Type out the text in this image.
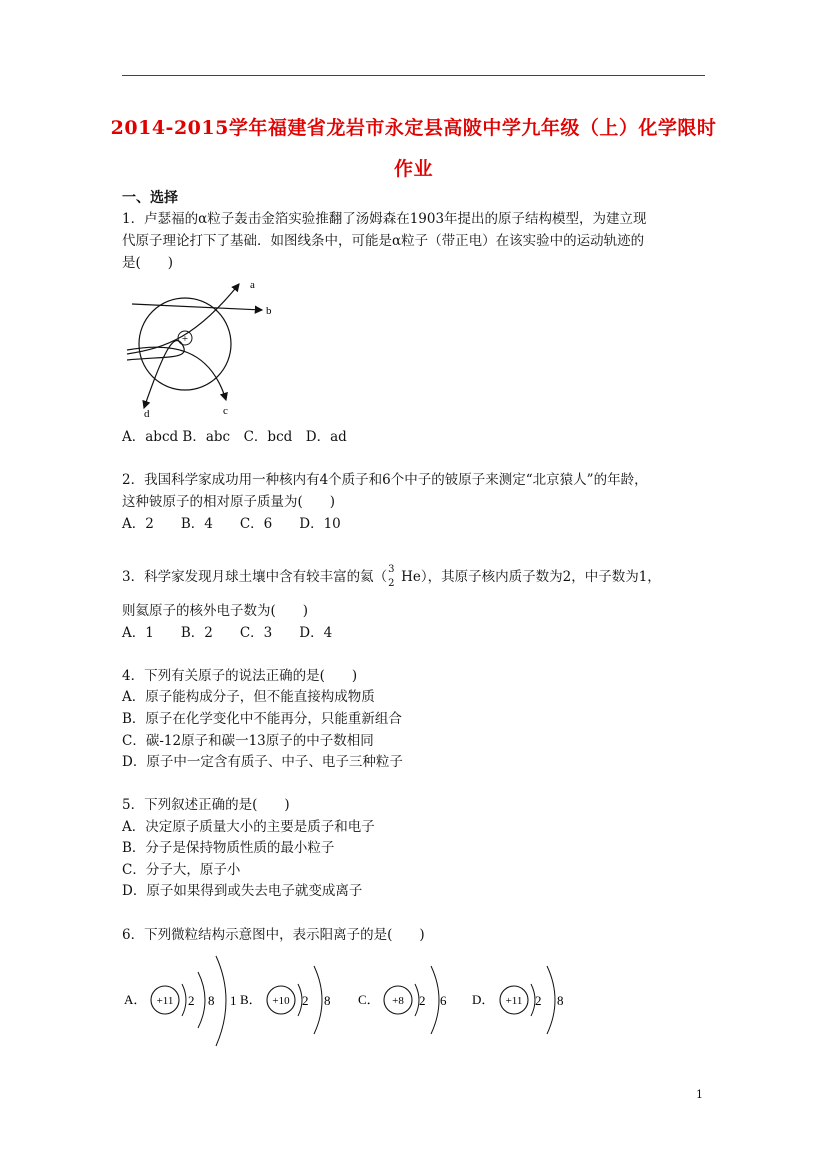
2014-2015学年福建省龙岩市永定县高陂中学九年级（上）化学限时
作业
一、选择
1．卢瑟福的α粒子轰击金箔实验推翻了汤姆森在1903年提出的原子结构模型，为建立现
代原子理论打下了基础．如图线条中，可能是α粒子（带正电）在该实验中的运动轨迹的
是(　　)
+
a
b
c
d
A．abcd B．abc　C．bcd　D．ad
2．我国科学家成功用一种核内有4个质子和6个中子的铍原子来测定“北京猿人”的年龄，
这种铍原子的相对原子质量为(　　)
A．2　　B．4　　C．6　　D．10
3．科学家发现月球土壤中含有较丰富的氦（ 3
2 He），其原子核内质子数为2，中子数为1，
则氦原子的核外电子数为(　　)
A．1　　B．2　　C．3　　D．4
4．下列有关原子的说法正确的是(　　)
A．原子能构成分子，但不能直接构成物质
B．原子在化学变化中不能再分，只能重新组合
C．碳-12原子和碳一13原子的中子数相同
D．原子中一定含有质子、中子、电子三种粒子
5．下列叙述正确的是(　　)
A．决定原子质量大小的主要是质子和电子
B．分子是保持物质性质的最小粒子
C．分子大，原子小
D．原子如果得到或失去电子就变成离子
6．下列微粒结构示意图中，表示阳离子的是(　　)
A． +11 2 8 1 B． +10 2 8 C． +8 2 6 D． +11 2 8
1
